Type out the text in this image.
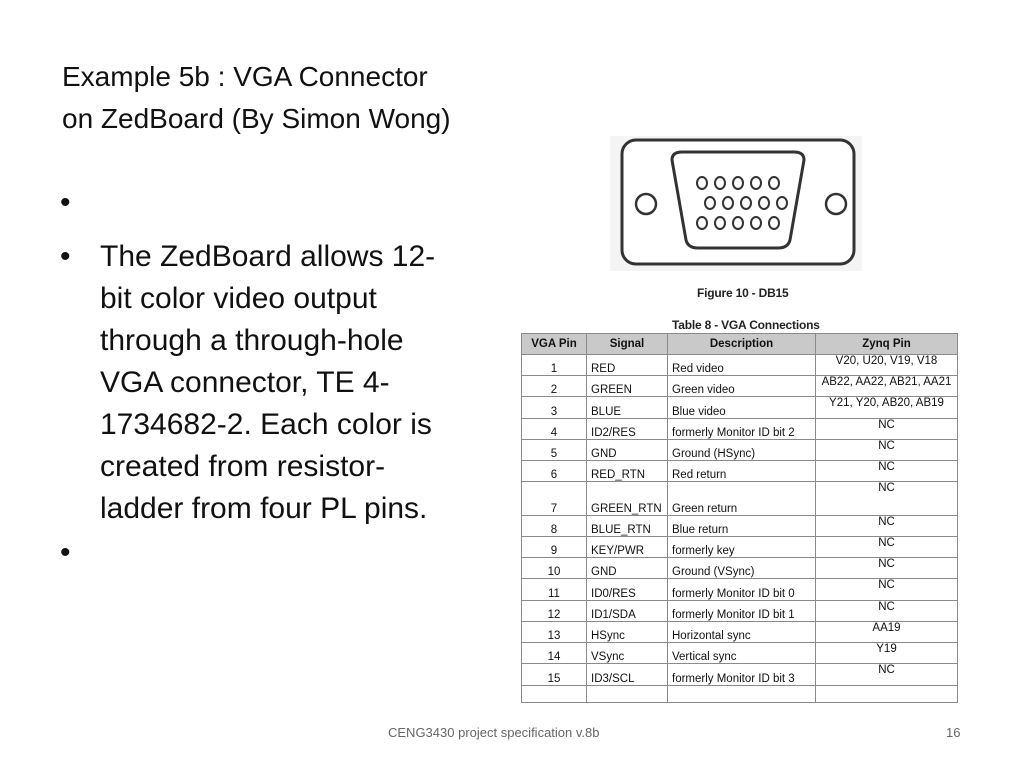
Example 5b : VGA Connector
on ZedBoard (By Simon Wong)
•
• The ZedBoard allows 12-bit color video output through a through-hole VGA connector, TE 4-1734682-2. Each color is created from resistor-ladder from four PL pins.
•
Figure 10 - DB15
Table 8 - VGA Connections
VGA Pin	Signal	Description	Zynq Pin
1	RED	Red video	V20, U20, V19, V18
2	GREEN	Green video	AB22, AA22, AB21, AA21
3	BLUE	Blue video	Y21, Y20, AB20, AB19
4	ID2/RES	formerly Monitor ID bit 2	NC
5	GND	Ground (HSync)	NC
6	RED_RTN	Red return	NC
7	GREEN_RTN	Green return	NC
8	BLUE_RTN	Blue return	NC
9	KEY/PWR	formerly key	NC
10	GND	Ground (VSync)	NC
11	ID0/RES	formerly Monitor ID bit 0	NC
12	ID1/SDA	formerly Monitor ID bit 1	NC
13	HSync	Horizontal sync	AA19
14	VSync	Vertical sync	Y19
15	ID3/SCL	formerly Monitor ID bit 3	NC

CENG3430 project specification v.8b	16
